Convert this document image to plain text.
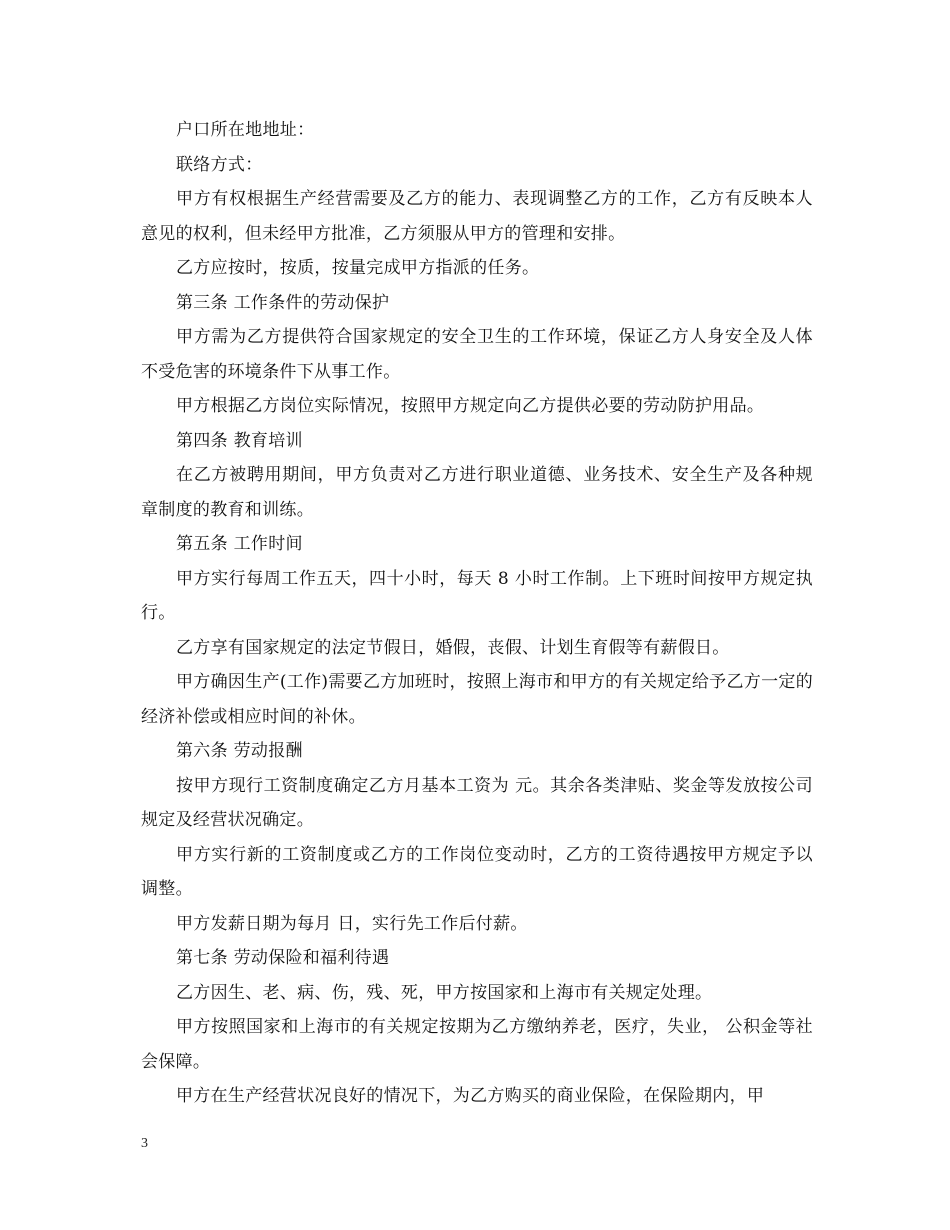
户口所在地地址：

联络方式：

甲方有权根据生产经营需要及乙方的能力、表现调整乙方的工作，乙方有反映本人意见的权利，但未经甲方批准，乙方须服从甲方的管理和安排。

乙方应按时，按质，按量完成甲方指派的任务。

第三条 工作条件的劳动保护

甲方需为乙方提供符合国家规定的安全卫生的工作环境，保证乙方人身安全及人体不受危害的环境条件下从事工作。

甲方根据乙方岗位实际情况，按照甲方规定向乙方提供必要的劳动防护用品。

第四条 教育培训

在乙方被聘用期间，甲方负责对乙方进行职业道德、业务技术、安全生产及各种规章制度的教育和训练。

第五条 工作时间

甲方实行每周工作五天，四十小时，每天 8 小时工作制。上下班时间按甲方规定执行。

乙方享有国家规定的法定节假日，婚假，丧假、计划生育假等有薪假日。

甲方确因生产(工作)需要乙方加班时，按照上海市和甲方的有关规定给予乙方一定的经济补偿或相应时间的补休。

第六条 劳动报酬

按甲方现行工资制度确定乙方月基本工资为 元。其余各类津贴、奖金等发放按公司规定及经营状况确定。

甲方实行新的工资制度或乙方的工作岗位变动时，乙方的工资待遇按甲方规定予以调整。

甲方发薪日期为每月 日，实行先工作后付薪。

第七条 劳动保险和福利待遇

乙方因生、老、病、伤，残、死，甲方按国家和上海市有关规定处理。

甲方按照国家和上海市的有关规定按期为乙方缴纳养老，医疗，失业， 公积金等社会保障。

甲方在生产经营状况良好的情况下，为乙方购买的商业保险，在保险期内，甲

3
